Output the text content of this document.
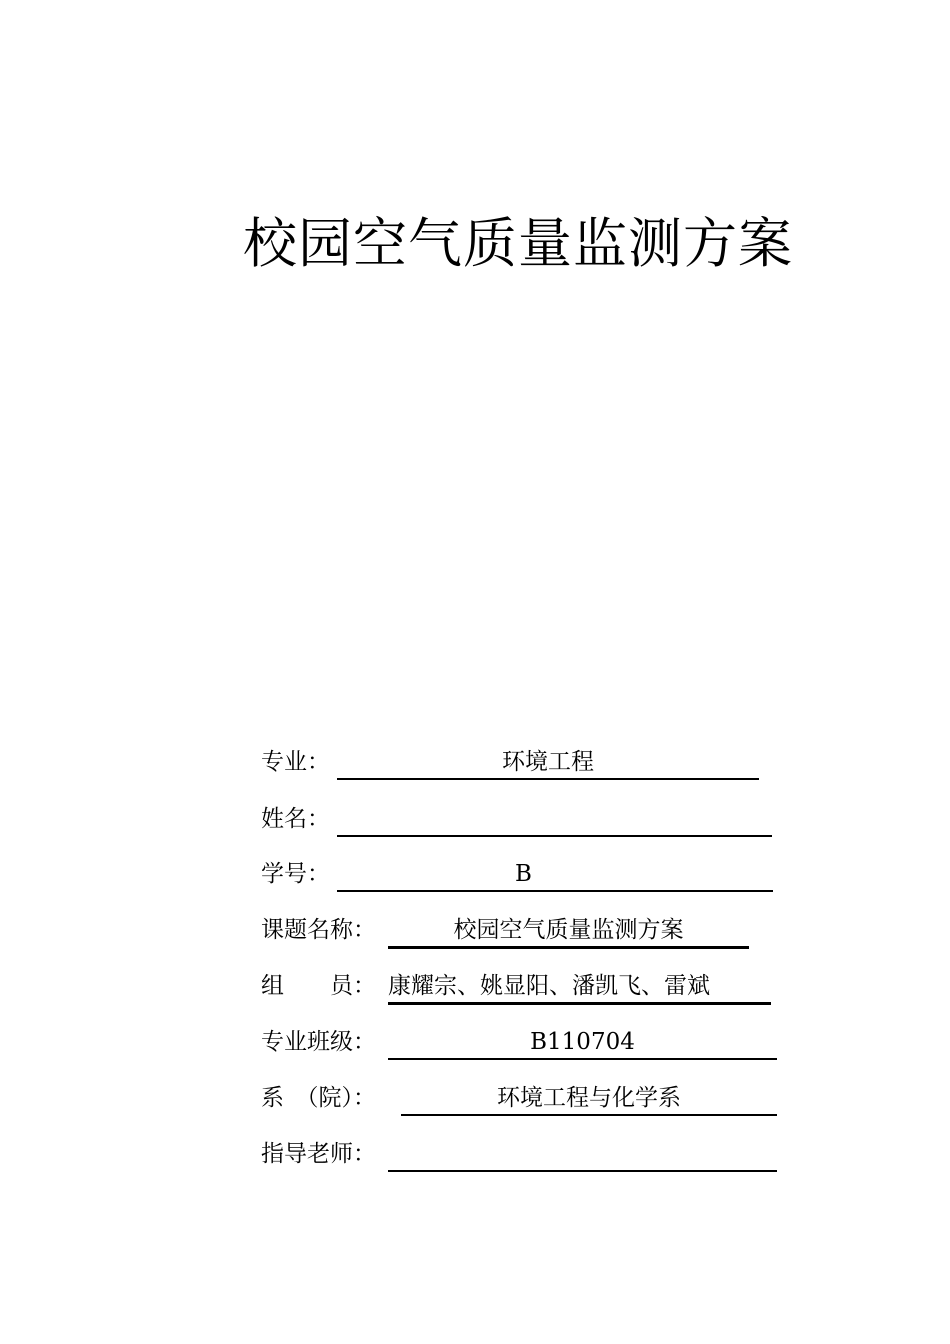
校园空气质量监测方案
专业：	环境工程
姓名：
学号：	B
课题名称：	校园空气质量监测方案
组　　员： 康耀宗、姚显阳、潘凯飞、雷斌
专业班级：	B110704
系　（院）：	环境工程与化学系
指导老师：
